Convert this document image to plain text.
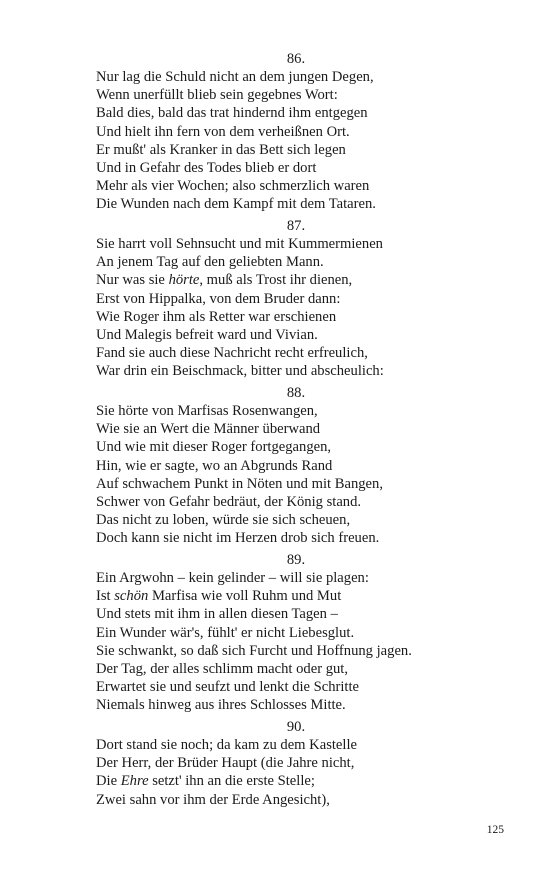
86.
Nur lag die Schuld nicht an dem jungen Degen,
Wenn unerfüllt blieb sein gegebnes Wort:
Bald dies, bald das trat hindernd ihm entgegen
Und hielt ihn fern von dem verheißnen Ort.
Er mußt' als Kranker in das Bett sich legen
Und in Gefahr des Todes blieb er dort
Mehr als vier Wochen; also schmerzlich waren
Die Wunden nach dem Kampf mit dem Tataren.
87.
Sie harrt voll Sehnsucht und mit Kummermienen
An jenem Tag auf den geliebten Mann.
Nur was sie hörte, muß als Trost ihr dienen,
Erst von Hippalka, von dem Bruder dann:
Wie Roger ihm als Retter war erschienen
Und Malegis befreit ward und Vivian.
Fand sie auch diese Nachricht recht erfreulich,
War drin ein Beischmack, bitter und abscheulich:
88.
Sie hörte von Marfisas Rosenwangen,
Wie sie an Wert die Männer überwand
Und wie mit dieser Roger fortgegangen,
Hin, wie er sagte, wo an Abgrunds Rand
Auf schwachem Punkt in Nöten und mit Bangen,
Schwer von Gefahr bedräut, der König stand.
Das nicht zu loben, würde sie sich scheuen,
Doch kann sie nicht im Herzen drob sich freuen.
89.
Ein Argwohn – kein gelinder – will sie plagen:
Ist schön Marfisa wie voll Ruhm und Mut
Und stets mit ihm in allen diesen Tagen –
Ein Wunder wär's, fühlt' er nicht Liebesglut.
Sie schwankt, so daß sich Furcht und Hoffnung jagen.
Der Tag, der alles schlimm macht oder gut,
Erwartet sie und seufzt und lenkt die Schritte
Niemals hinweg aus ihres Schlosses Mitte.
90.
Dort stand sie noch; da kam zu dem Kastelle
Der Herr, der Brüder Haupt (die Jahre nicht,
Die Ehre setzt' ihn an die erste Stelle;
Zwei sahn vor ihm der Erde Angesicht),
125
